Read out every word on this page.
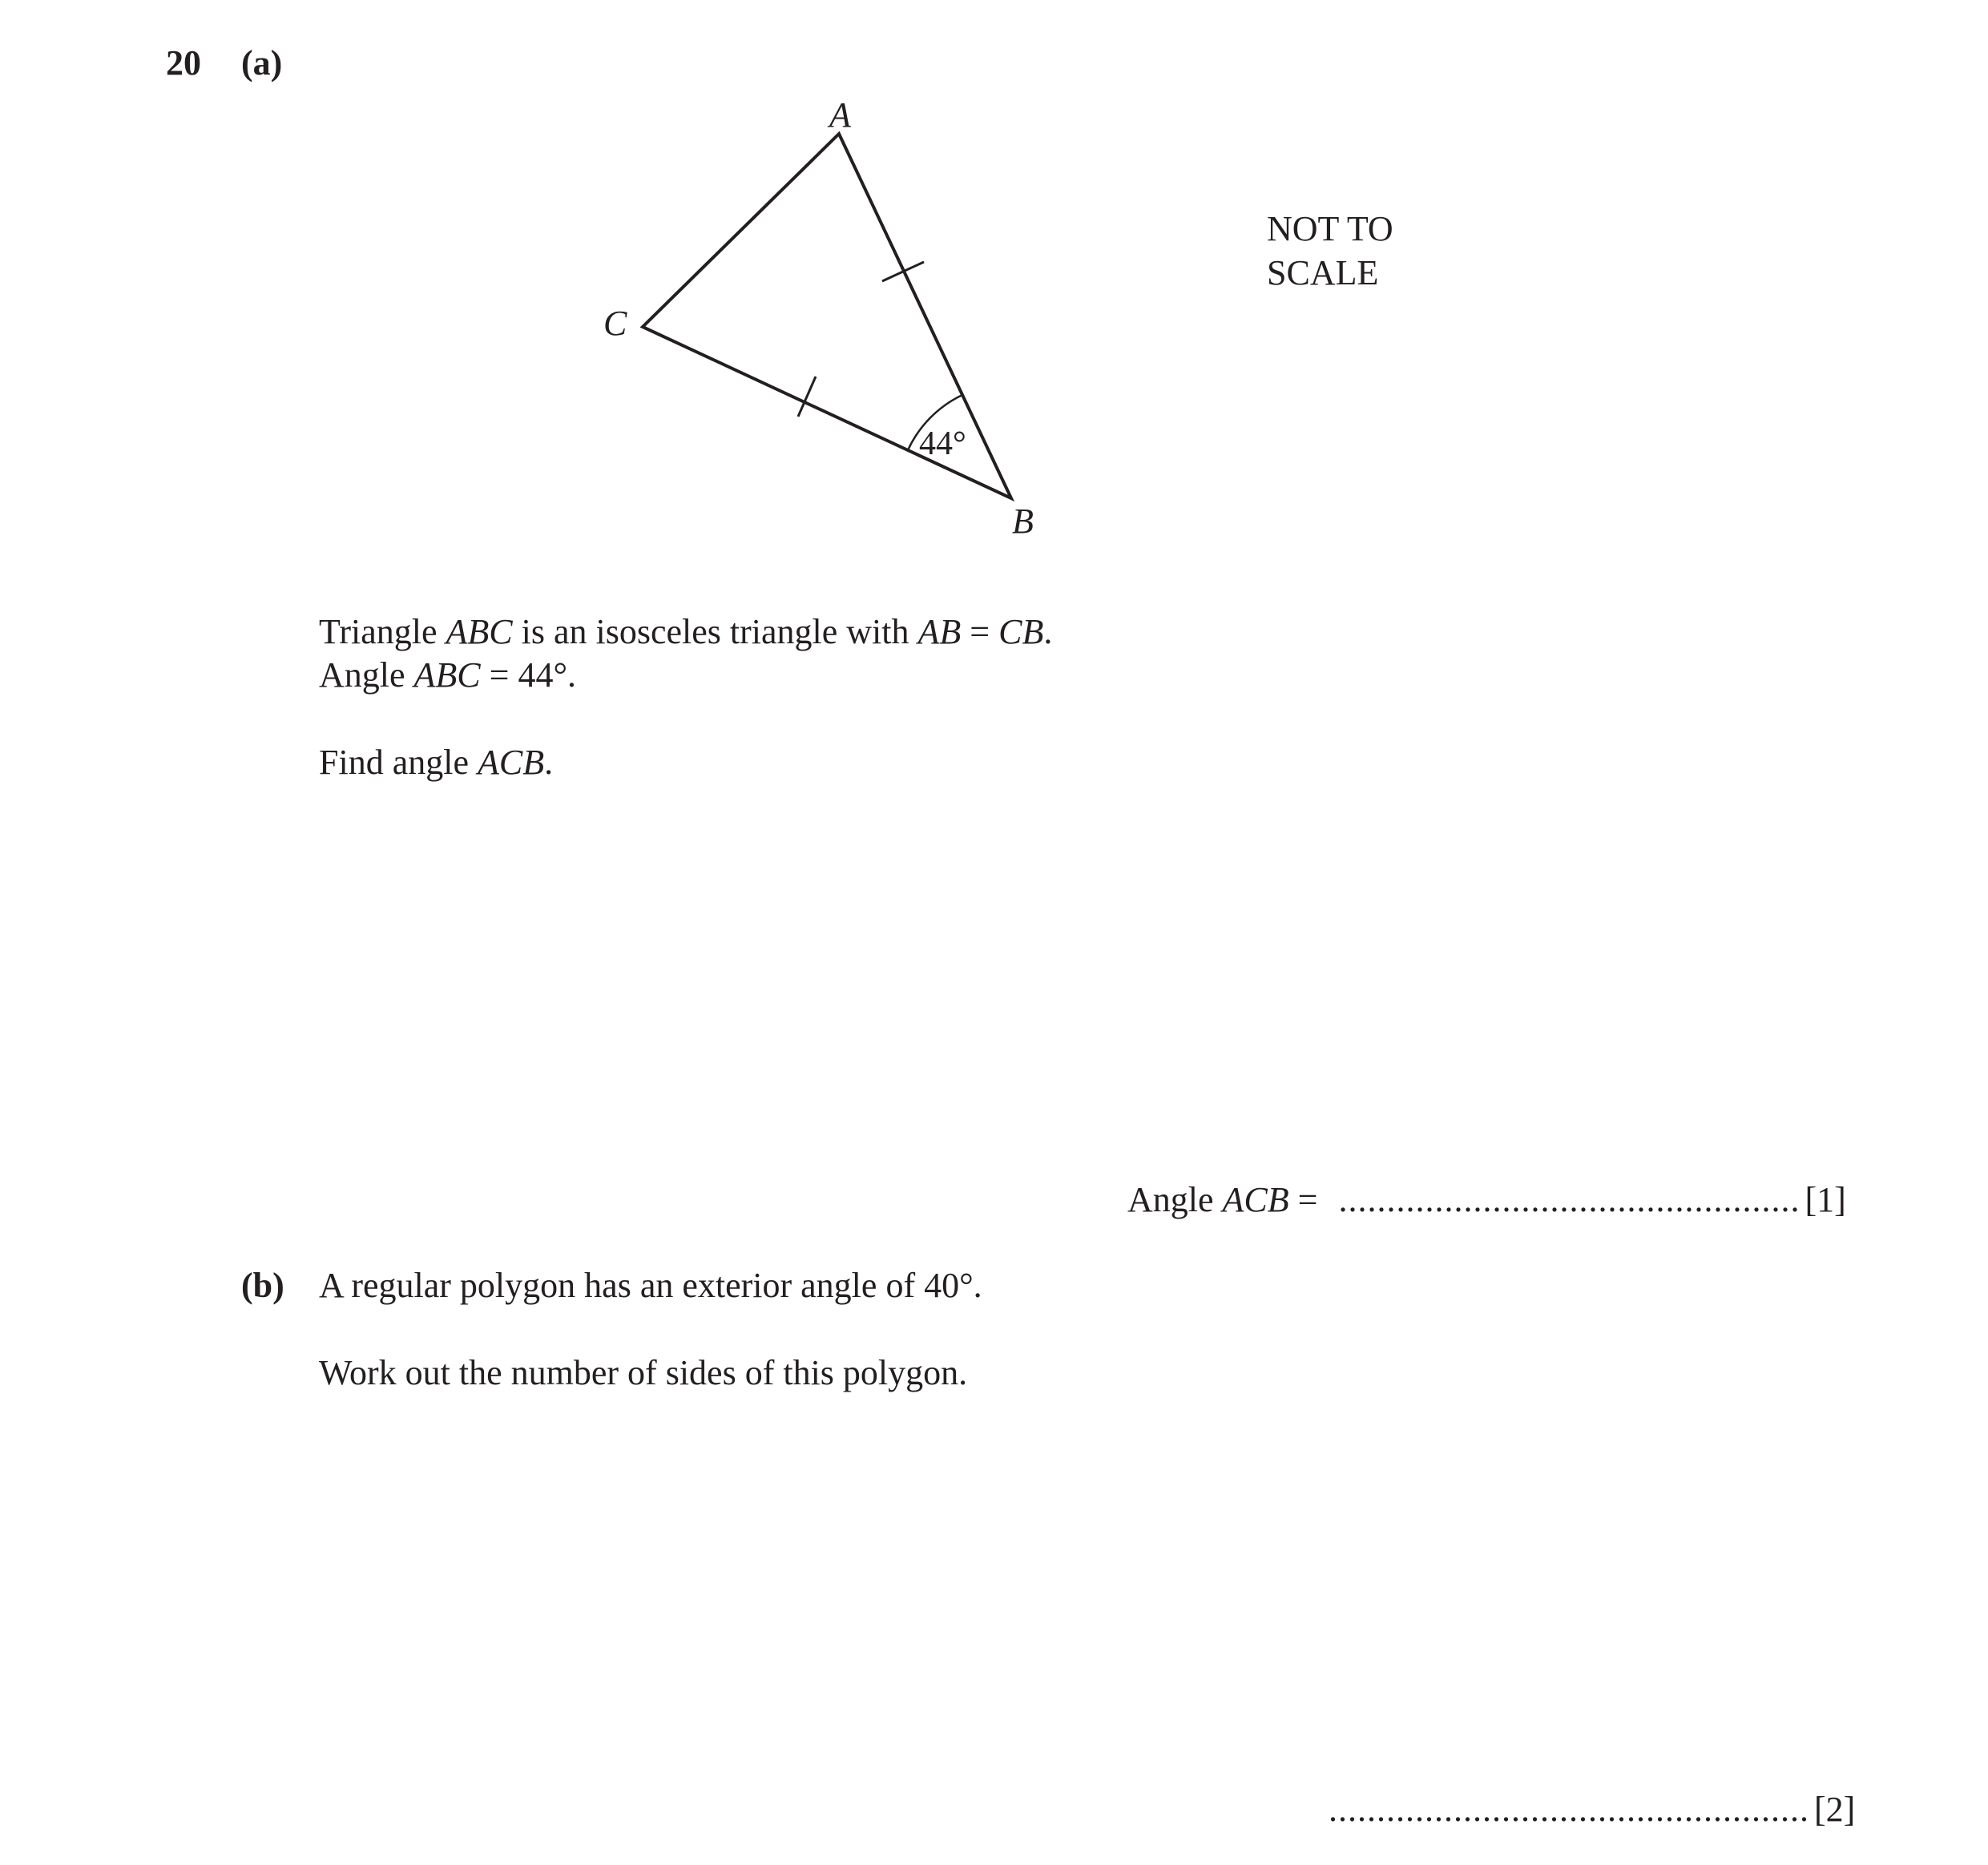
20 (a)
A
B
C
44°
NOT TO
SCALE
Triangle ABC is an isosceles triangle with AB = CB.
Angle ABC = 44°.
Find angle ACB.
Angle ACB = ................................................ [1]
(b) A regular polygon has an exterior angle of 40°.
Work out the number of sides of this polygon.
.................................................. [2]
